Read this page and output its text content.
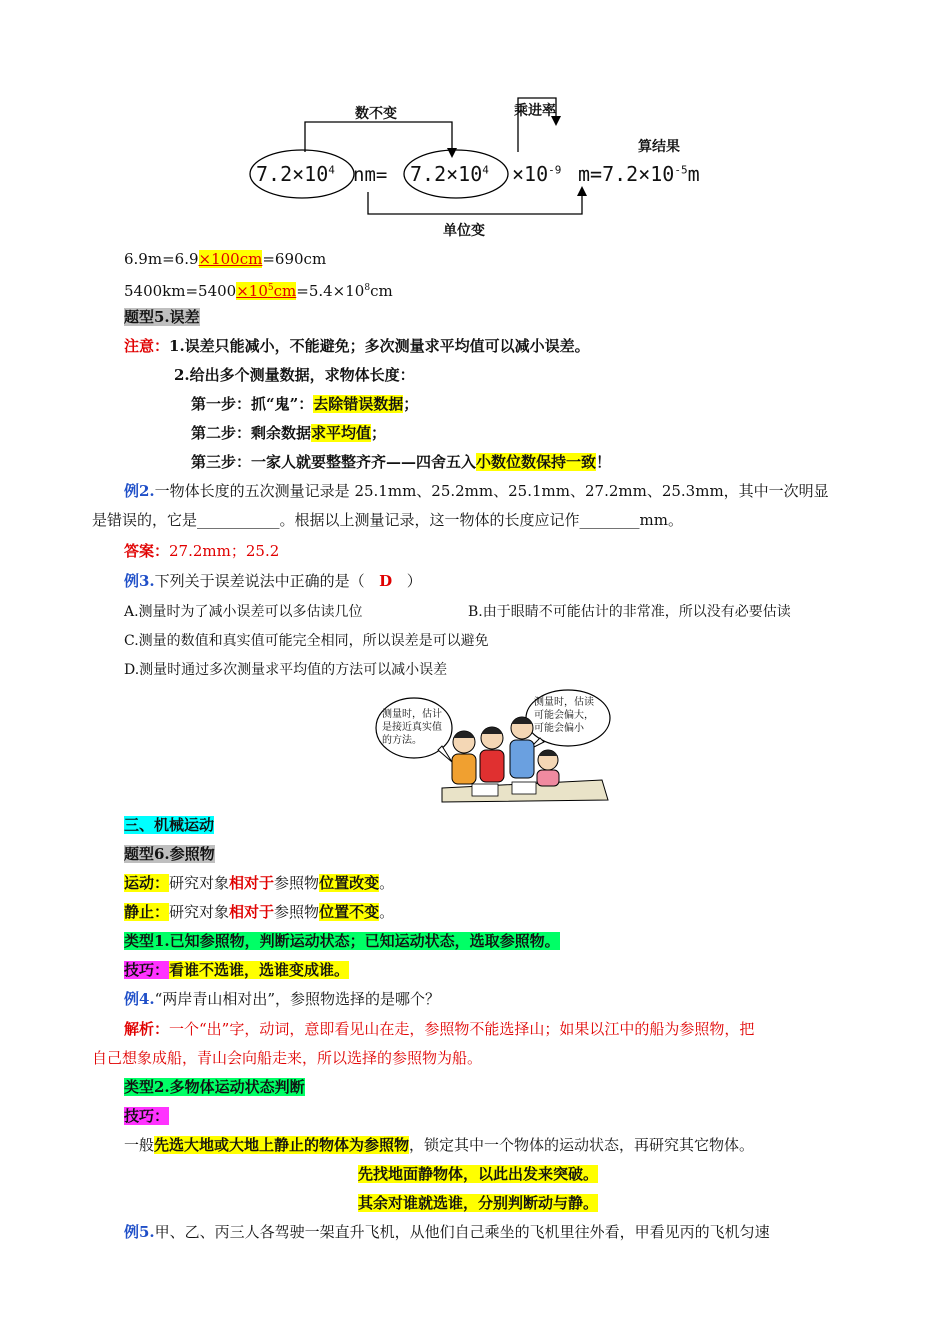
数不变	乘进率
算结果
单位变
$7.2\times 10^4$ $nm= 7.2\times 10^4 \times 10^{-9}$ $m=7.2\times 10^{-5}m$
6.9m=6.9×100cm=690cm
$5400km=5400\times 10^5cm=5.4\times 10^8cm$
题型5.误差
注意：1.误差只能减小，不能避免；多次测量求平均值可以减小误差。
2.给出多个测量数据，求物体长度：
第一步：抓“鬼”：去除错误数据；
第二步：剩余数据求平均值；
第三步：一家人就要整整齐齐——四舍五入小数位数保持一致！
例2.一物体长度的五次测量记录是 25.1mm、25.2mm、25.1mm、27.2mm、25.3mm，其中一次明显
是错误的，它是___________。根据以上测量记录，这一物体的长度应记作________mm。
答案：27.2mm；25.2
例3.下列关于误差说法中正确的是（ D ）
A.测量时为了减小误差可以多估读几位	B.由于眼睛不可能估计的非常准，所以没有必要估读
C.测量的数值和真实值可能完全相同，所以误差是可以避免
D.测量时通过多次测量求平均值的方法可以减小误差
测量时，估计
是接近真实值
的方法。
测量时，估读
可能会偏大，
可能会偏小
三、机械运动
题型6.参照物
运动：研究对象相对于参照物位置改变。
静止：研究对象相对于参照物位置不变。
类型1.已知参照物，判断运动状态；已知运动状态，选取参照物。
技巧：看谁不选谁，选谁变成谁。
例4.“两岸青山相对出”，参照物选择的是哪个？
解析：一个“出”字，动词，意即看见山在走，参照物不能选择山；如果以江中的船为参照物，把
自己想象成船，青山会向船走来，所以选择的参照物为船。
类型2.多物体运动状态判断
技巧：
一般先选大地或大地上静止的物体为参照物，锁定其中一个物体的运动状态，再研究其它物体。
先找地面静物体，以此出发来突破。
其余对谁就选谁，分别判断动与静。
例5.甲、乙、丙三人各驾驶一架直升飞机，从他们自己乘坐的飞机里往外看，甲看见丙的飞机匀速
